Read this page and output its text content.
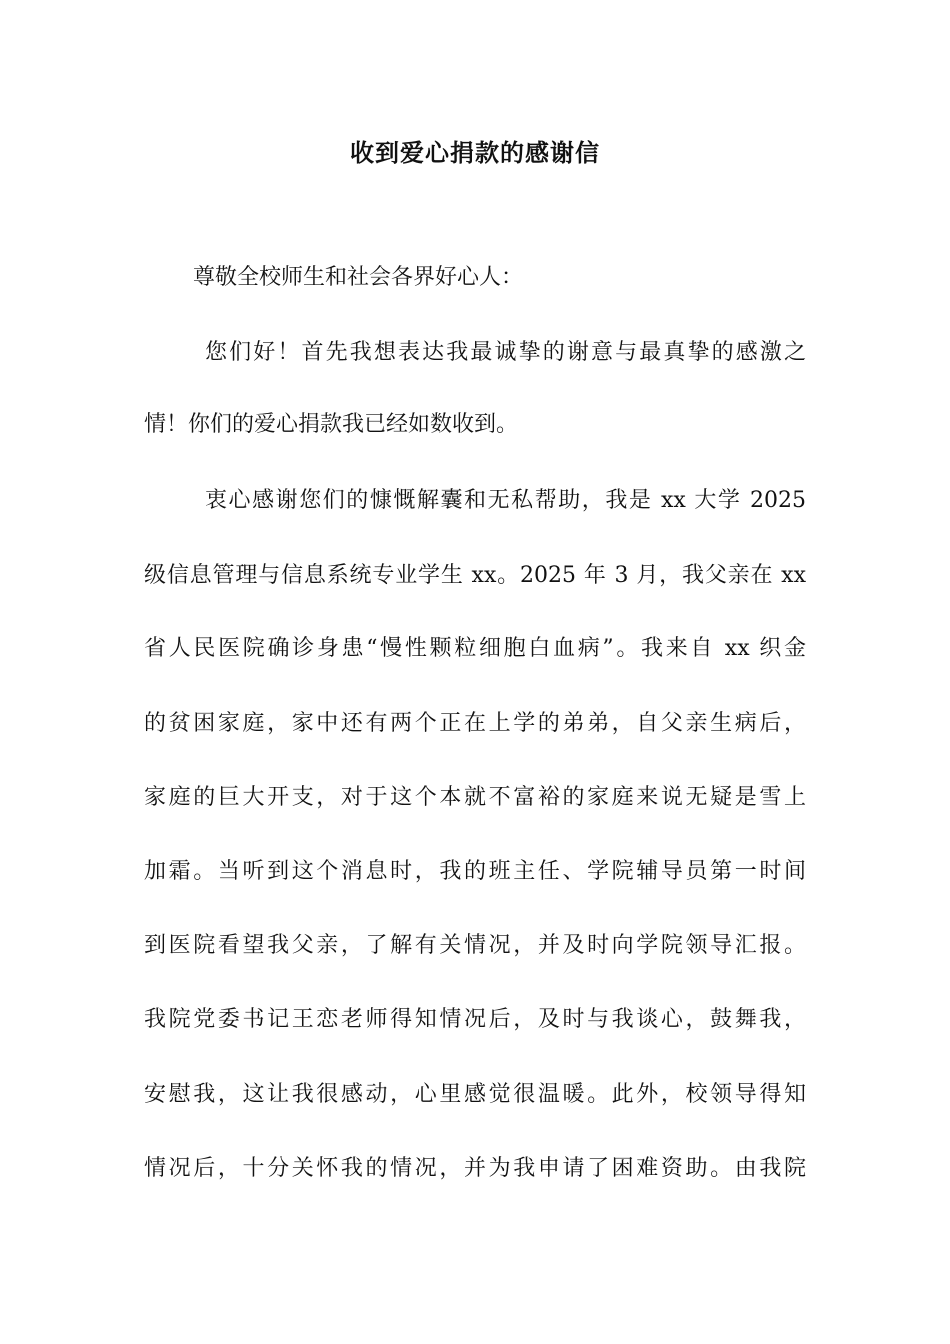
收到爱心捐款的感谢信

尊敬全校师生和社会各界好心人：

您们好！首先我想表达我最诚挚的谢意与最真挚的感激之

情！你们的爱心捐款我已经如数收到。

衷心感谢您们的慷慨解囊和无私帮助，我是 xx 大学 2025

级信息管理与信息系统专业学生 xx。2025 年 3 月，我父亲在 xx

省人民医院确诊身患“慢性颗粒细胞白血病”。我来自 xx 织金

的贫困家庭，家中还有两个正在上学的弟弟，自父亲生病后，

家庭的巨大开支，对于这个本就不富裕的家庭来说无疑是雪上

加霜。当听到这个消息时，我的班主任、学院辅导员第一时间

到医院看望我父亲，了解有关情况，并及时向学院领导汇报。

我院党委书记王恋老师得知情况后，及时与我谈心，鼓舞我，

安慰我，这让我很感动，心里感觉很温暖。此外，校领导得知

情况后，十分关怀我的情况，并为我申请了困难资助。由我院
